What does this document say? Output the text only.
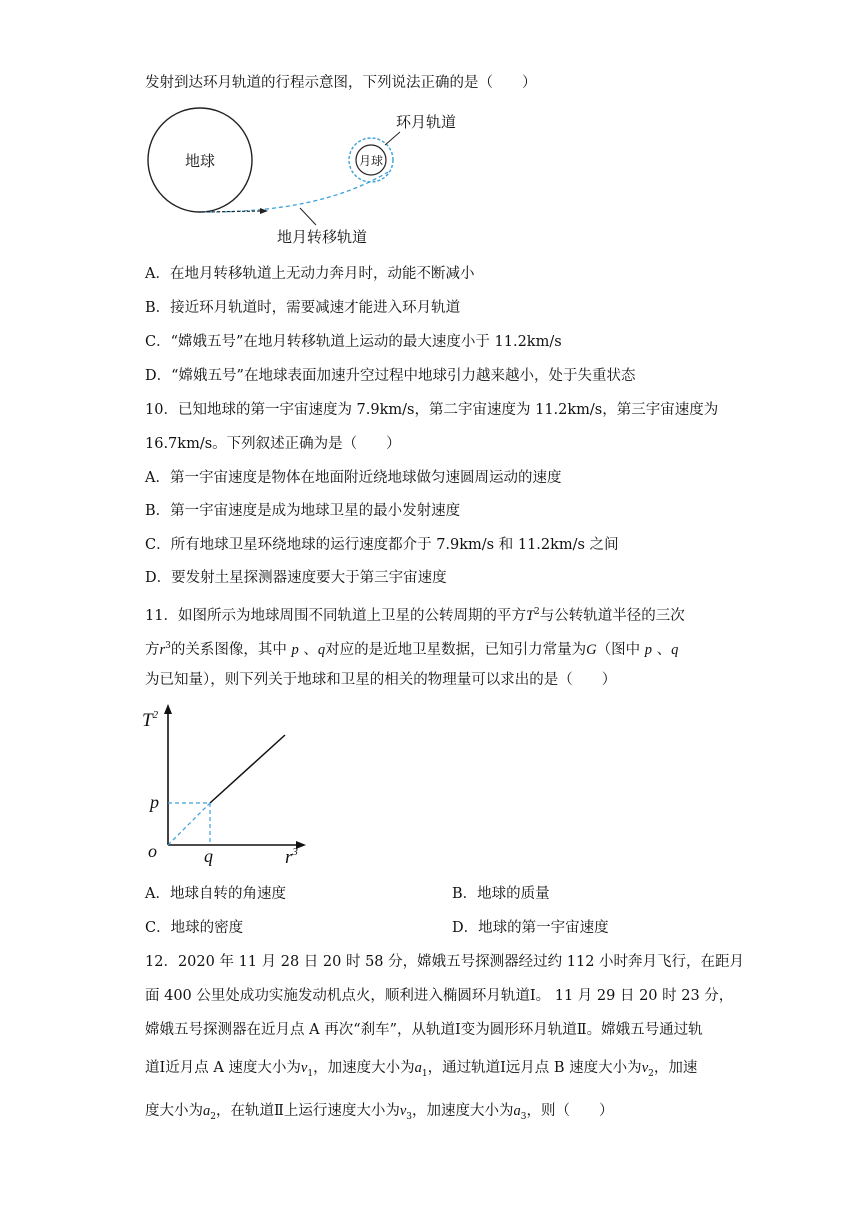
发射到达环月轨道的行程示意图，下列说法正确的是（　　）
地球	月球
环月轨道
地月转移轨道
A．在地月转移轨道上无动力奔月时，动能不断减小
B．接近环月轨道时，需要减速才能进入环月轨道
C．“嫦娥五号”在地月转移轨道上运动的最大速度小于 11.2km/s
D．“嫦娥五号”在地球表面加速升空过程中地球引力越来越小，处于失重状态
10．已知地球的第一宇宙速度为 7.9km/s，第二宇宙速度为 11.2km/s，第三宇宙速度为
16.7km/s。下列叙述正确为是（　　）
A．第一宇宙速度是物体在地面附近绕地球做匀速圆周运动的速度
B．第一宇宙速度是成为地球卫星的最小发射速度
C．所有地球卫星环绕地球的运行速度都介于 7.9km/s 和 11.2km/s 之间
D．要发射土星探测器速度要大于第三宇宙速度
11．如图所示为地球周围不同轨道上卫星的公转周期的平方$T^2$与公转轨道半径的三次
方$r^3$的关系图像，其中 p 、q对应的是近地卫星数据，已知引力常量为G（图中 p 、q
为已知量），则下列关于地球和卫星的相关的物理量可以求出的是（　　）
$T^2$
$r^3$
o
p
q
A．地球自转的角速度	B．地球的质量
C．地球的密度	D．地球的第一宇宙速度
12．2020 年 11 月 28 日 20 时 58 分，嫦娥五号探测器经过约 112 小时奔月飞行，在距月
面 400 公里处成功实施发动机点火，顺利进入椭圆环月轨道Ⅰ。 11 月 29 日 20 时 23 分，
嫦娥五号探测器在近月点 A 再次“刹车”，从轨道Ⅰ变为圆形环月轨道Ⅱ。嫦娥五号通过轨
道Ⅰ近月点 A 速度大小为$v_1$，加速度大小为$a_1$，通过轨道Ⅰ远月点 B 速度大小为$v_2$，加速
度大小为$a_2$，在轨道Ⅱ上运行速度大小为$v_3$，加速度大小为$a_3$，则（　　）
